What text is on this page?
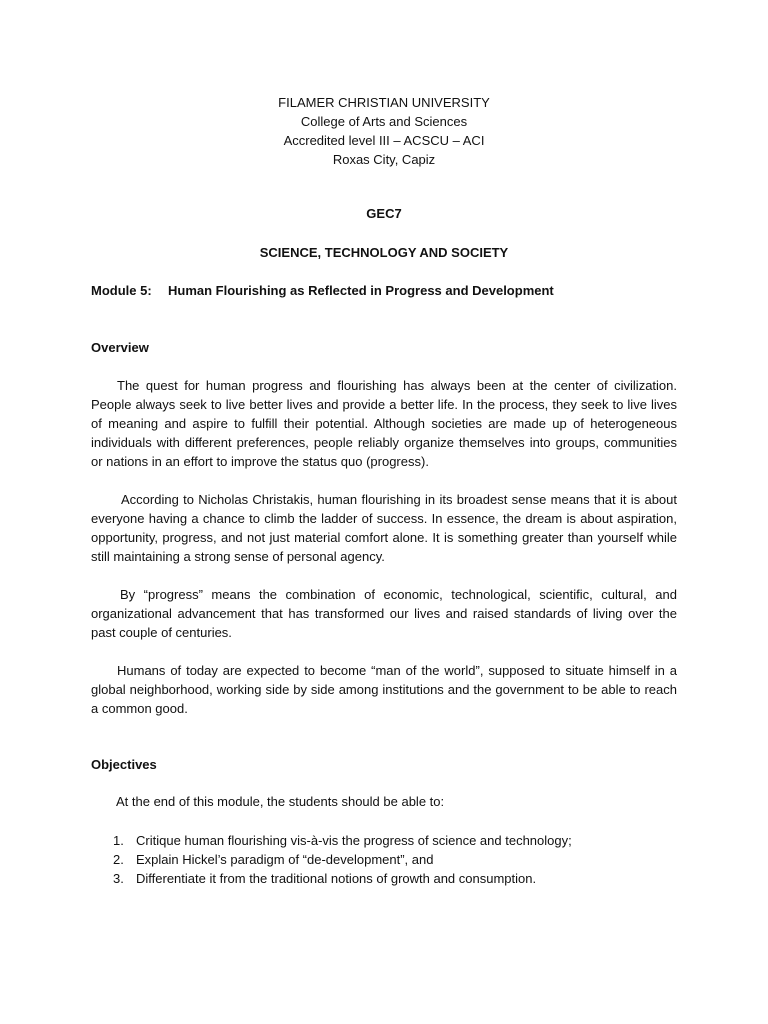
FILAMER CHRISTIAN UNIVERSITY
College of Arts and Sciences
Accredited level III – ACSCU – ACI
Roxas City, Capiz
GEC7
SCIENCE, TECHNOLOGY AND SOCIETY
Module 5: Human Flourishing as Reflected in Progress and Development
Overview
The quest for human progress and flourishing has always been at the center of civilization. People always seek to live better lives and provide a better life. In the process, they seek to live lives of meaning and aspire to fulfill their potential. Although societies are made up of heterogeneous individuals with different preferences, people reliably organize themselves into groups, communities or nations in an effort to improve the status quo (progress).
According to Nicholas Christakis, human flourishing in its broadest sense means that it is about everyone having a chance to climb the ladder of success. In essence, the dream is about aspiration, opportunity, progress, and not just material comfort alone. It is something greater than yourself while still maintaining a strong sense of personal agency.
By “progress” means the combination of economic, technological, scientific, cultural, and organizational advancement that has transformed our lives and raised standards of living over the past couple of centuries.
Humans of today are expected to become “man of the world”, supposed to situate himself in a global neighborhood, working side by side among institutions and the government to be able to reach a common good.
Objectives
At the end of this module, the students should be able to:
1. Critique human flourishing vis-à-vis the progress of science and technology;
2. Explain Hickel’s paradigm of “de-development”, and
3. Differentiate it from the traditional notions of growth and consumption.
